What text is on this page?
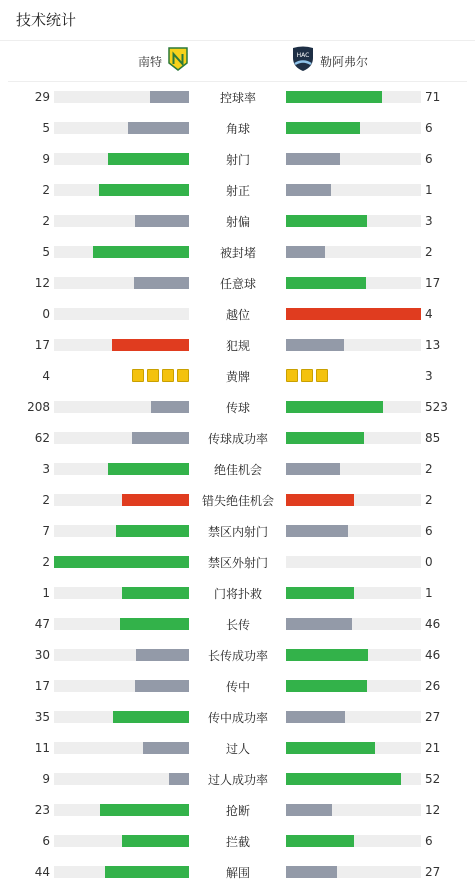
技术统计
南特	HAC 勒阿弗尔
29	控球率	71
5	角球	6
9	射门	6
2	射正	1
2	射偏	3
5	被封堵	2
12	任意球	17
0	越位	4
17	犯规	13
4	黄牌	3
208	传球	523
62	传球成功率	85
3	绝佳机会	2
2	错失绝佳机会	2
7	禁区内射门	6
2	禁区外射门	0
1	门将扑救	1
47	长传	46
30	长传成功率	46
17	传中	26
35	传中成功率	27
11	过人	21
9	过人成功率	52
23	抢断	12
6	拦截	6
44	解围	27
